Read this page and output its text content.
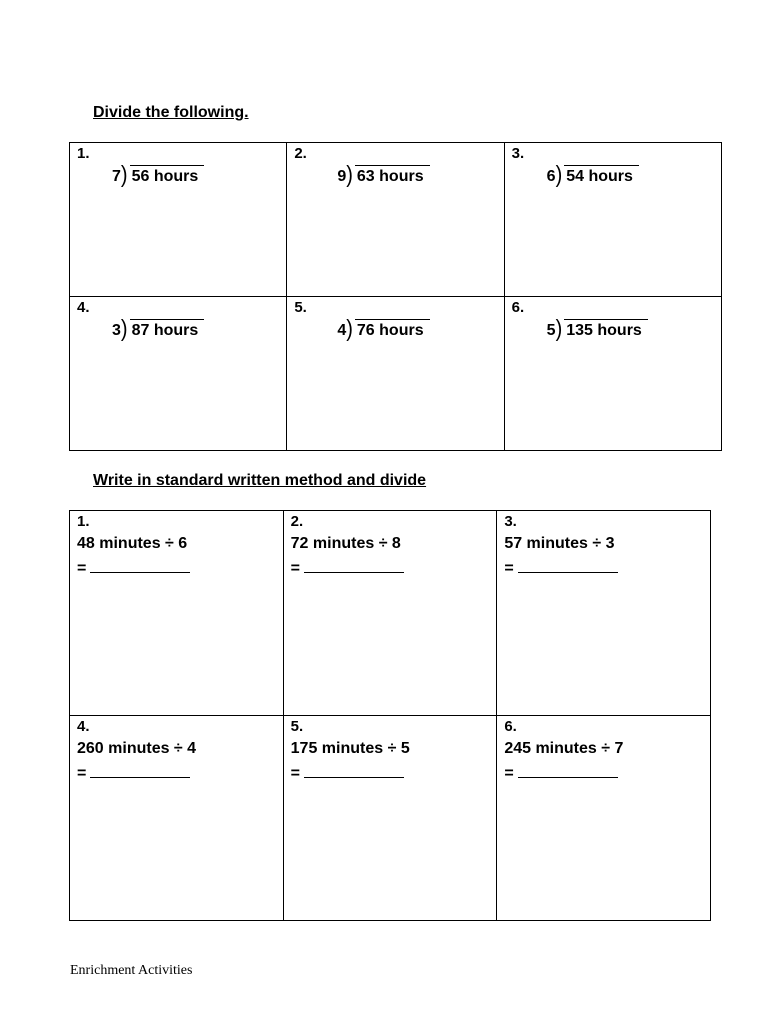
Divide the following.

1.
7) 56 hours	2.
9) 63 hours	3.
6) 54 hours

4.
3) 87 hours	5.
4) 76 hours	6.
5) 135 hours

Write in standard written method and divide

1.
48 minutes ÷ 6
=	2.
72 minutes ÷ 8
=	3.
57 minutes ÷ 3
=

4.
260 minutes ÷ 4
=	5.
175 minutes ÷ 5
=	6.
245 minutes ÷ 7
=
Enrichment Activities
